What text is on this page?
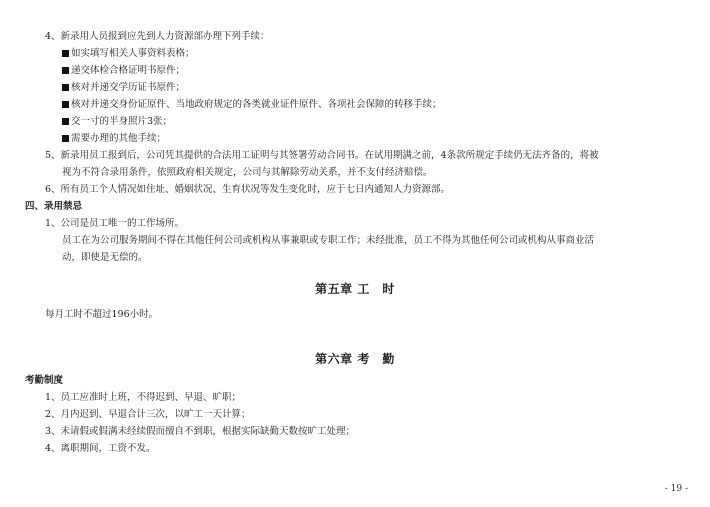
4、新录用人员报到应先到人力资源部办理下列手续：
如实填写相关人事资料表格；
递交体检合格证明书原件；
核对并递交学历证书原件；
核对并递交身份证原件、当地政府规定的各类就业证件原件、各项社会保障的转移手续；
交一寸的半身照片3张；
需要办理的其他手续；
5、新录用员工报到后，公司凭其提供的合法用工证明与其签署劳动合同书。在试用期满之前，4条款所规定手续仍无法齐备的，将被
视为不符合录用条件，依照政府相关规定，公司与其解除劳动关系，并不支付经济赔偿。
6、所有员工个人情况如住址、婚姻状况、生育状况等发生变化时，应于七日内通知人力资源部。
四、录用禁忌
1、公司是员工唯一的工作场所。
员工在为公司服务期间不得在其他任何公司或机构从事兼职或专职工作；未经批准，员工不得为其他任何公司或机构从事商业活
动，即使是无偿的。
第五章 工　时
每月工时不超过196小时。
第六章 考　勤
考勤制度
1、员工应准时上班，不得迟到、早退、旷职；
2、月内迟到、早退合计三次，以旷工一天计算；
3、未请假或假满未经续假而擅自不到职，根据实际缺勤天数按旷工处理；
4、离职期间，工资不发。
- 19 -
